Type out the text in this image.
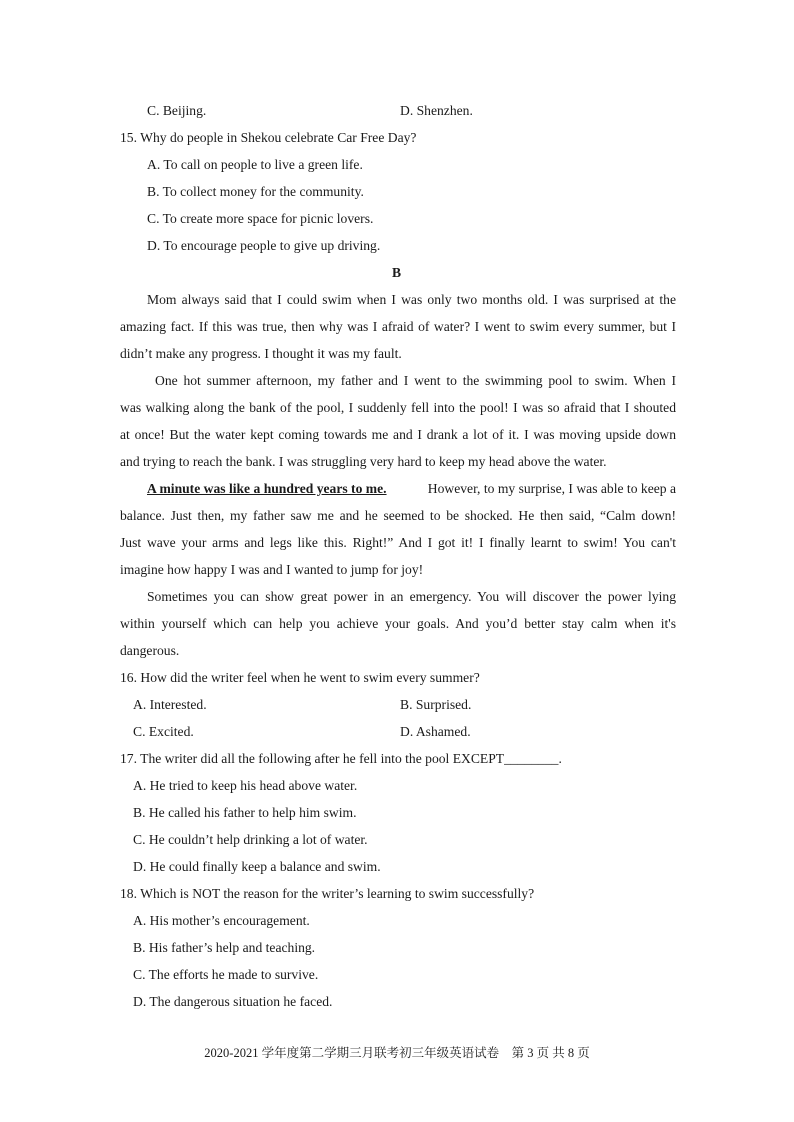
C. Beijing.	D. Shenzhen.
15. Why do people in Shekou celebrate Car Free Day?
A. To call on people to live a green life.
B. To collect money for the community.
C. To create more space for picnic lovers.
D. To encourage people to give up driving.
B
Mom always said that I could swim when I was only two months old. I was surprised at the
amazing fact. If this was true, then why was I afraid of water? I went to swim every summer, but I
didn’t make any progress. I thought it was my fault.
One hot summer afternoon, my father and I went to the swimming pool to swim. When I
was walking along the bank of the pool, I suddenly fell into the pool! I was so afraid that I shouted
at once! But the water kept coming towards me and I drank a lot of it. I was moving upside down
and trying to reach the bank. I was struggling very hard to keep my head above the water.
A minute was like a hundred years to me.	However, to my surprise, I was able to keep a
balance. Just then, my father saw me and he seemed to be shocked. He then said, “Calm down!
Just wave your arms and legs like this. Right!” And I got it! I finally learnt to swim! You can't
imagine how happy I was and I wanted to jump for joy!
Sometimes you can show great power in an emergency. You will discover the power lying
within yourself which can help you achieve your goals. And you’d better stay calm when it's
dangerous.
16. How did the writer feel when he went to swim every summer?
A. Interested.	B. Surprised.
C. Excited.	D. Ashamed.
17. The writer did all the following after he fell into the pool EXCEPT________.
A. He tried to keep his head above water.
B. He called his father to help him swim.
C. He couldn’t help drinking a lot of water.
D. He could finally keep a balance and swim.
18. Which is NOT the reason for the writer’s learning to swim successfully?
A. His mother’s encouragement.
B. His father’s help and teaching.
C. The efforts he made to survive.
D. The dangerous situation he faced.
2020-2021 学年度第二学期三月联考初三年级英语试卷　第 3 页 共 8 页
